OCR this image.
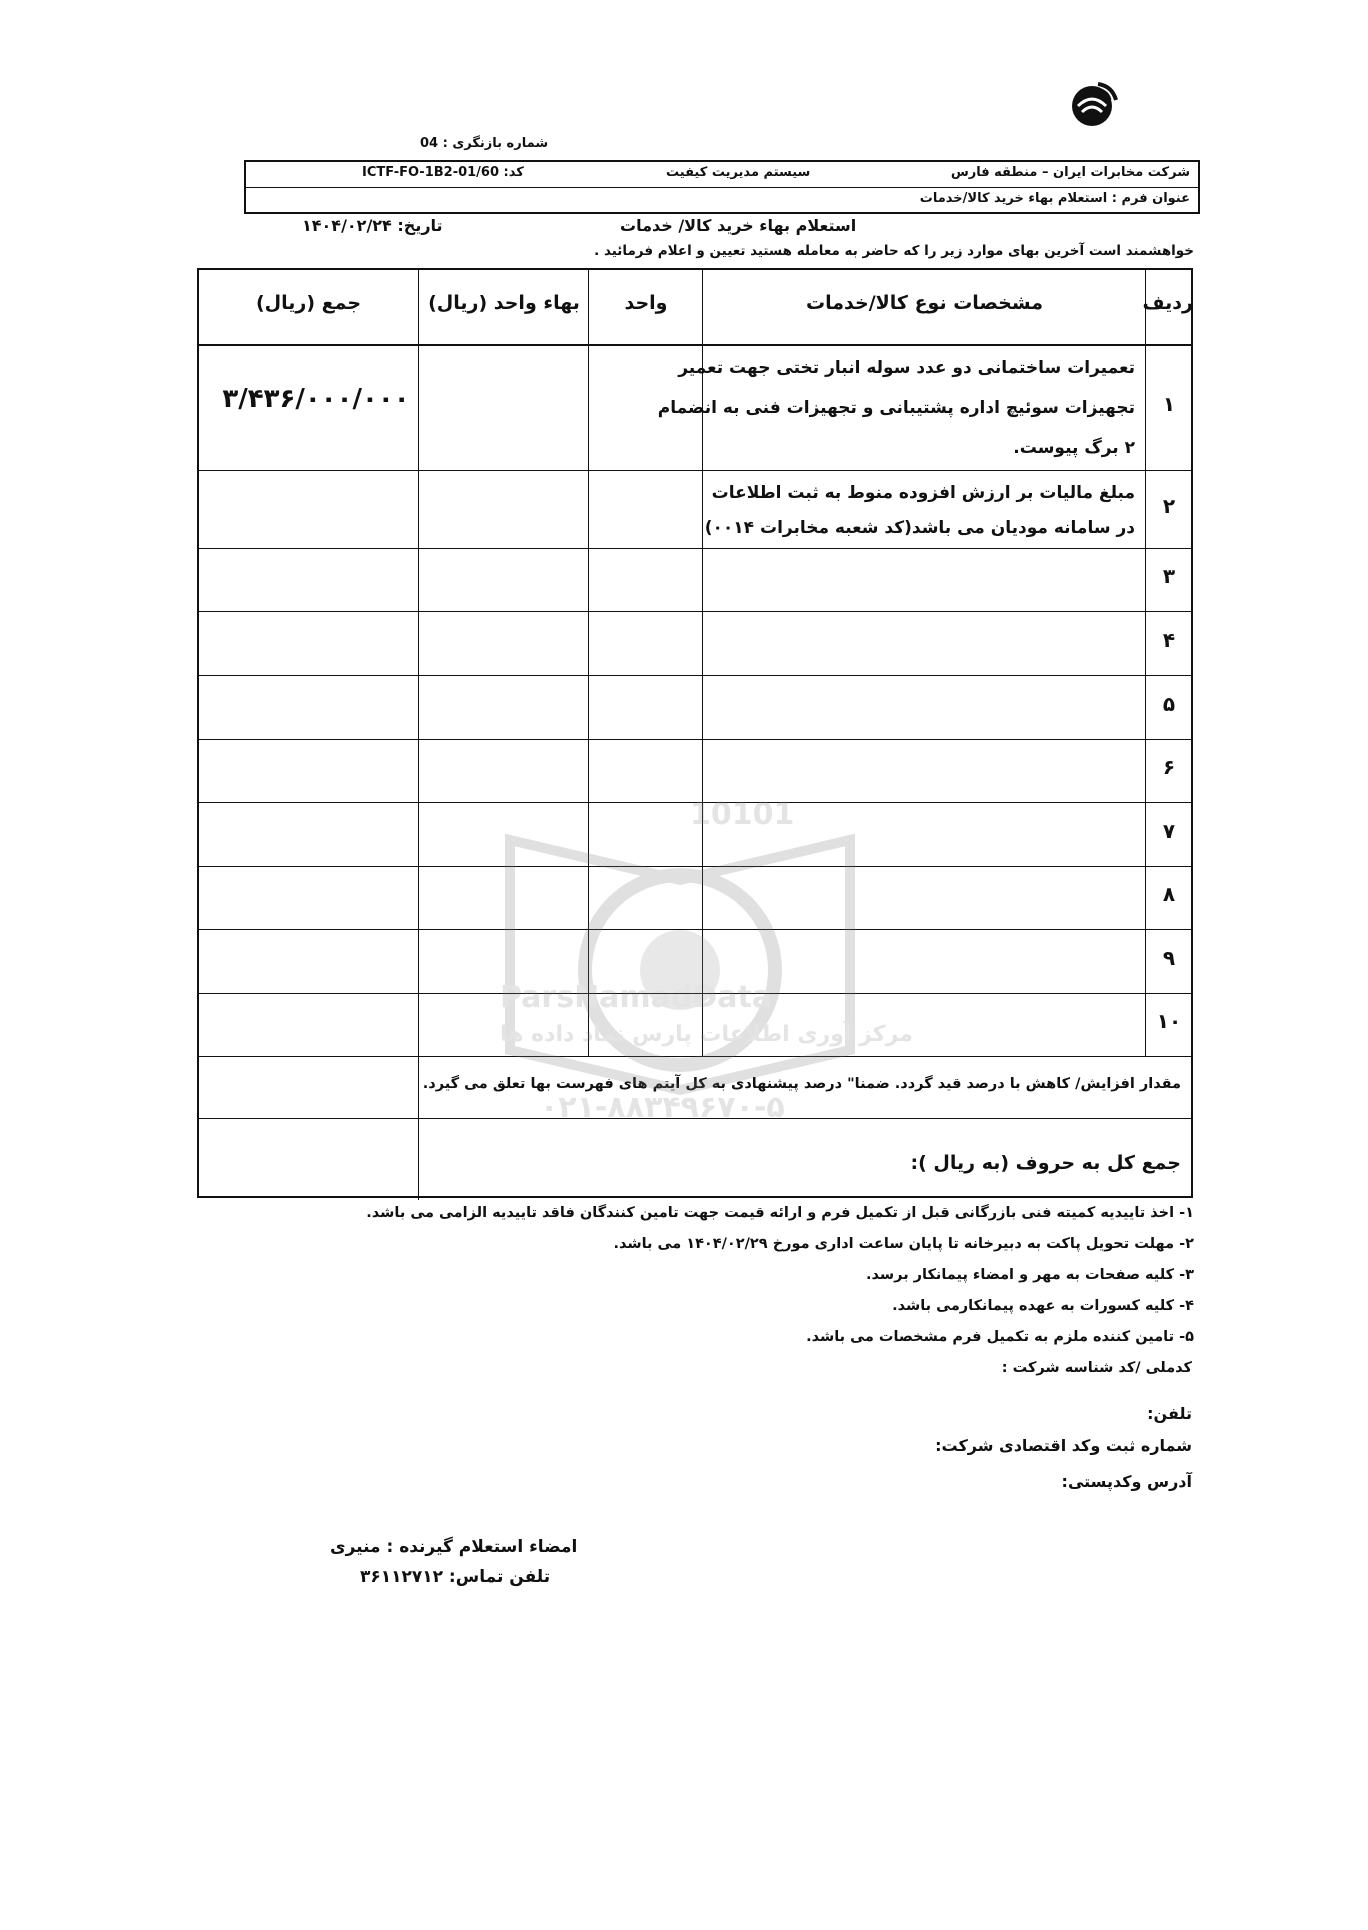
شماره بازنگری : 04
شرکت مخابرات ایران – منطقه فارس
سیستم مدیریت کیفیت
ICTF-FO-1B2-01/60 :کد
عنوان فرم : استعلام بهاء خرید کالا/خدمات
استعلام بهاء خرید کالا/ خدمات
تاریخ: ۱۴۰۴/۰۲/۲۴
خواهشمند است آخرین بهای موارد زیر را که حاضر به معامله هستید تعیین و اعلام فرمائید .
ردیف
مشخصات نوع کالا/خدمات
واحد
بهاء واحد (ریال)
جمع (ریال)
۱
۲
۳
۴
۵
۶
۷
۸
۹
۱۰
تعمیرات ساختمانی دو عدد سوله انبار تختی جهت تعمیر
تجهیزات سوئیچ اداره پشتیبانی و تجهیزات فنی به انضمام
۲ برگ پیوست.
۳/۴۳۶/۰۰۰/۰۰۰
مبلغ مالیات بر ارزش افزوده منوط به ثبت اطلاعات
در سامانه مودیان می باشد(کد شعبه مخابرات ۰۰۱۴)
مقدار افزایش/ کاهش با درصد قید گردد. ضمنا" درصد پیشنهادی به کل آیتم های فهرست بها تعلق می گیرد.
جمع کل به حروف (به ریال ):
10101
ParsNamadData
مرکز آوری اطلاعات پارس نماد داده ها
۰۲۱-۸۸۳۴۹۶۷۰-۵
۱- اخذ تاییدیه کمیته فنی بازرگانی قبل از تکمیل فرم و ارائه قیمت جهت تامین کنندگان فاقد تاییدیه الزامی می باشد.
۲- مهلت تحویل پاکت به دبیرخانه تا پایان ساعت اداری مورخ ۱۴۰۴/۰۲/۲۹ می باشد.
۳- کلیه صفحات به مهر و امضاء پیمانکار برسد.
۴- کلیه کسورات به عهده پیمانکارمی باشد.
۵- تامین کننده ملزم به تکمیل فرم مشخصات می باشد.
کدملی /کد شناسه شرکت :
تلفن:
شماره ثبت وکد اقتصادی شرکت:
آدرس وکدپستی:
امضاء استعلام گیرنده : منیری
تلفن تماس: ۳۶۱۱۲۷۱۲
